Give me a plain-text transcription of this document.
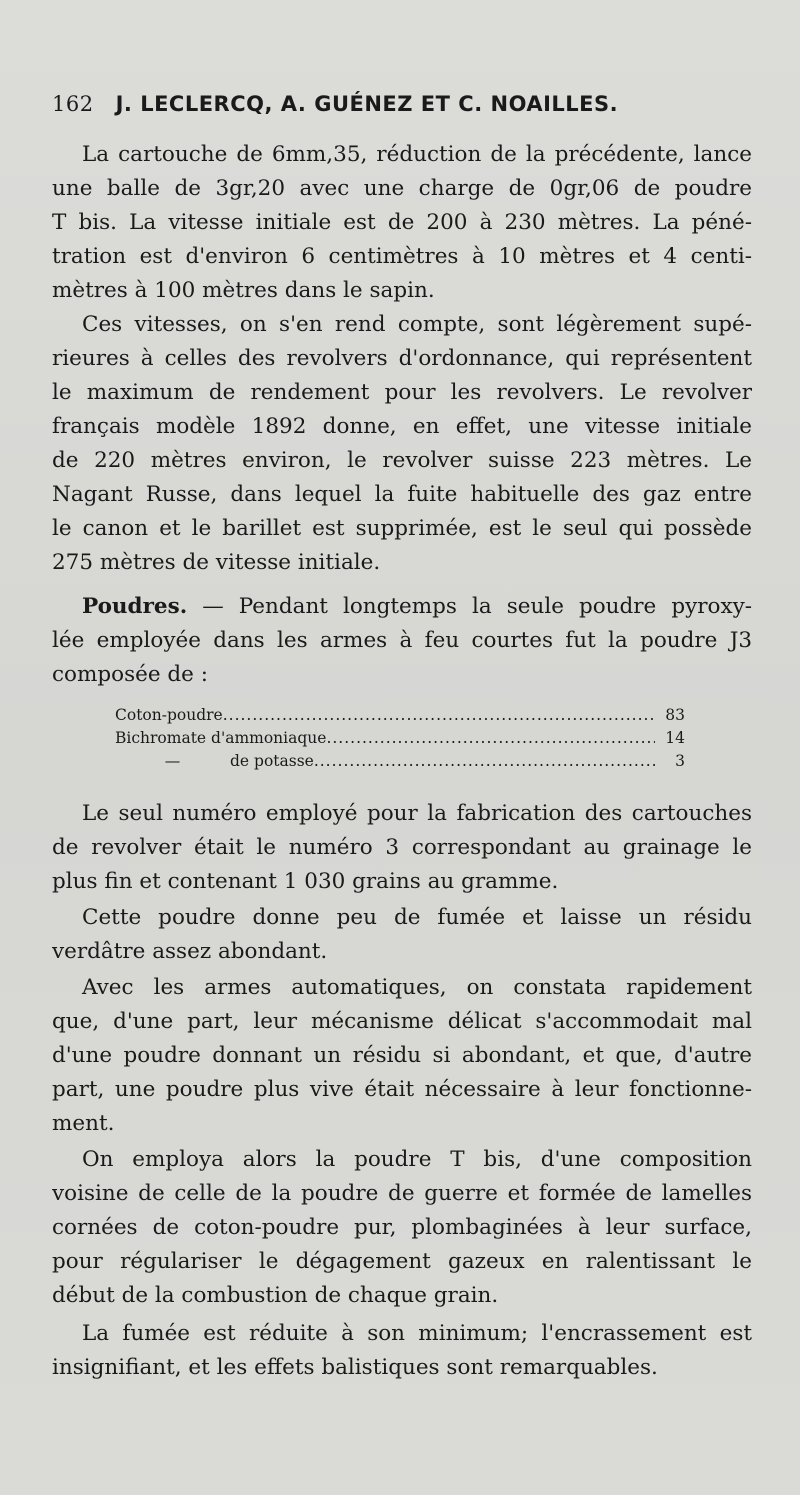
162 J. LECLERCQ, A. GUÉNEZ ET C. NOAILLES.
La cartouche de 6mm,35, réduction de la précédente, lance
une balle de 3gr,20 avec une charge de 0gr,06 de poudre
T bis. La vitesse initiale est de 200 à 230 mètres. La péné-
tration est d'environ 6 centimètres à 10 mètres et 4 centi-
mètres à 100 mètres dans le sapin.
Ces vitesses, on s'en rend compte, sont légèrement supé-
rieures à celles des revolvers d'ordonnance, qui représentent
le maximum de rendement pour les revolvers. Le revolver
français modèle 1892 donne, en effet, une vitesse initiale
de 220 mètres environ, le revolver suisse 223 mètres. Le
Nagant Russe, dans lequel la fuite habituelle des gaz entre
le canon et le barillet est supprimée, est le seul qui possède
275 mètres de vitesse initiale.
Poudres. — Pendant longtemps la seule poudre pyroxy-
lée employée dans les armes à feu courtes fut la poudre J3
composée de :
Coton-poudre .....	83
Bichromate d'ammoniaque .....	14
—	de potasse .....	3
Le seul numéro employé pour la fabrication des cartouches
de revolver était le numéro 3 correspondant au grainage le
plus fin et contenant 1 030 grains au gramme.
Cette poudre donne peu de fumée et laisse un résidu
verdâtre assez abondant.
Avec les armes automatiques, on constata rapidement
que, d'une part, leur mécanisme délicat s'accommodait mal
d'une poudre donnant un résidu si abondant, et que, d'autre
part, une poudre plus vive était nécessaire à leur fonctionne-
ment.
On employa alors la poudre T bis, d'une composition
voisine de celle de la poudre de guerre et formée de lamelles
cornées de coton-poudre pur, plombaginées à leur surface,
pour régulariser le dégagement gazeux en ralentissant le
début de la combustion de chaque grain.
La fumée est réduite à son minimum; l'encrassement est
insignifiant, et les effets balistiques sont remarquables.
